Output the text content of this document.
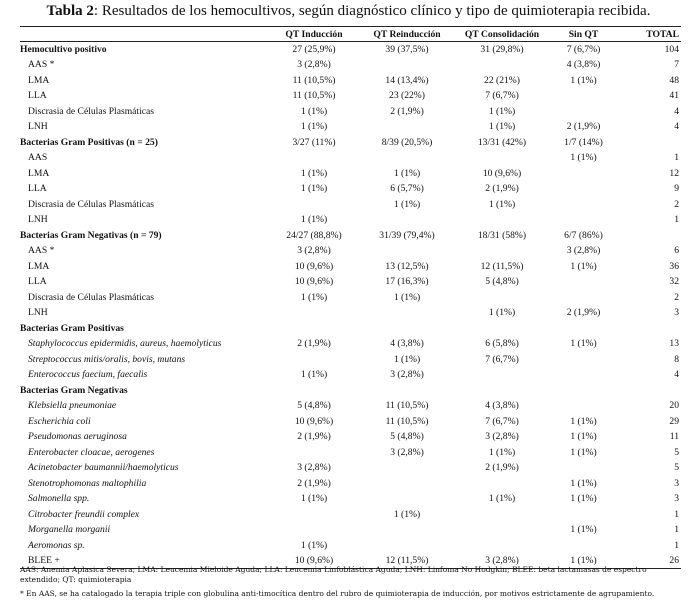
Tabla 2: Resultados de los hemocultivos, según diagnóstico clínico y tipo de quimioterapia recibida.
	QT Inducción	QT Reinducción	QT Consolidación	Sin QT	TOTAL
Hemocultivo positivo	27 (25,9%)	39 (37,5%)	31 (29,8%)	7 (6,7%)	104
AAS *	3 (2,8%)			4 (3,8%)	7
LMA	11 (10,5%)	14 (13,4%)	22 (21%)	1 (1%)	48
LLA	11 (10,5%)	23 (22%)	7 (6,7%)		41
Discrasia de Células Plasmáticas	1 (1%)	2 (1,9%)	1 (1%)		4
LNH	1 (1%)		1 (1%)	2 (1,9%)	4
Bacterias Gram Positivas (n = 25)	3/27 (11%)	8/39 (20,5%)	13/31 (42%)	1/7 (14%)	
AAS				1 (1%)	1
LMA	1 (1%)	1 (1%)	10 (9,6%)		12
LLA	1 (1%)	6 (5,7%)	2 (1,9%)		9
Discrasia de Células Plasmáticas		1 (1%)	1 (1%)		2
LNH	1 (1%)				1
Bacterias Gram Negativas (n = 79)	24/27 (88,8%)	31/39 (79,4%)	18/31 (58%)	6/7 (86%)	
AAS *	3 (2,8%)			3 (2,8%)	6
LMA	10 (9,6%)	13 (12,5%)	12 (11,5%)	1 (1%)	36
LLA	10 (9,6%)	17 (16,3%)	5 (4,8%)		32
Discrasia de Células Plasmáticas	1 (1%)	1 (1%)			2
LNH			1 (1%)	2 (1,9%)	3
Bacterias Gram Positivas					
Staphylococcus epidermidis, aureus, haemolyticus	2 (1,9%)	4 (3,8%)	6 (5,8%)	1 (1%)	13
Streptococcus mitis/oralis, bovis, mutans		1 (1%)	7 (6,7%)		8
Enterococcus faecium, faecalis	1 (1%)	3 (2,8%)			4
Bacterias Gram Negativas					
Klebsiella pneumoniae	5 (4,8%)	11 (10,5%)	4 (3,8%)		20
Escherichia coli	10 (9,6%)	11 (10,5%)	7 (6,7%)	1 (1%)	29
Pseudomonas aeruginosa	2 (1,9%)	5 (4,8%)	3 (2,8%)	1 (1%)	11
Enterobacter cloacae, aerogenes		3 (2,8%)	1 (1%)	1 (1%)	5
Acinetobacter baumannii/haemolyticus	3 (2,8%)		2 (1,9%)		5
Stenotrophomonas maltophilia	2 (1,9%)			1 (1%)	3
Salmonella spp.	1 (1%)		1 (1%)	1 (1%)	3
Citrobacter freundii complex		1 (1%)			1
Morganella morganii				1 (1%)	1
Aeromonas sp.	1 (1%)				1
BLEE +	10 (9,6%)	12 (11,5%)	3 (2,8%)	1 (1%)	26

AAS: Anemia Aplasica Severa; LMA: Leucemia Mieloide Aguda; LLA: Leucemia Linfoblástica Aguda; LNH: Linfoma No Hodgkin; BLEE: beta lactamasas de espectro extendido; QT: quimioterapia

* En AAS, se ha catalogado la terapia triple con globulina anti-timocítica dentro del rubro de quimioterapia de inducción, por motivos estrictamente de agrupamiento.
